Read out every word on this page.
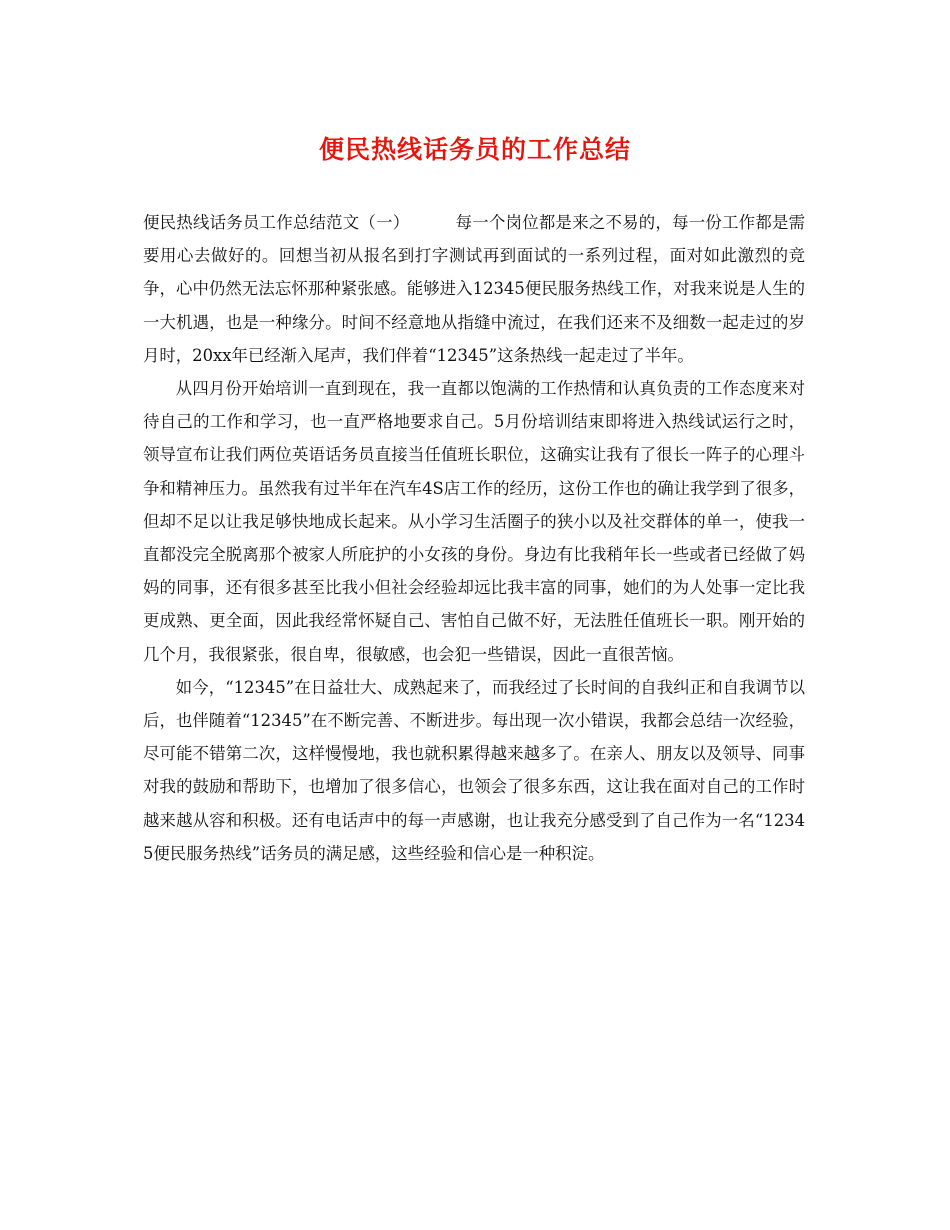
便民热线话务员的工作总结

便民热线话务员工作总结范文（一）	每一个岗位都是来之不易的，每一份工作都是需要用心去做好的。回想当初从报名到打字测试再到面试的一系列过程，面对如此激烈的竞争，心中仍然无法忘怀那种紧张感。能够进入12345便民服务热线工作，对我来说是人生的一大机遇，也是一种缘分。时间不经意地从指缝中流过，在我们还来不及细数一起走过的岁月时，20xx年已经渐入尾声，我们伴着“12345”这条热线一起走过了半年。

从四月份开始培训一直到现在，我一直都以饱满的工作热情和认真负责的工作态度来对待自己的工作和学习，也一直严格地要求自己。5月份培训结束即将进入热线试运行之时，领导宣布让我们两位英语话务员直接当任值班长职位，这确实让我有了很长一阵子的心理斗争和精神压力。虽然我有过半年在汽车4S店工作的经历，这份工作也的确让我学到了很多，但却不足以让我足够快地成长起来。从小学习生活圈子的狭小以及社交群体的单一，使我一直都没完全脱离那个被家人所庇护的小女孩的身份。身边有比我稍年长一些或者已经做了妈妈的同事，还有很多甚至比我小但社会经验却远比我丰富的同事，她们的为人处事一定比我更成熟、更全面，因此我经常怀疑自己、害怕自己做不好，无法胜任值班长一职。刚开始的几个月，我很紧张，很自卑，很敏感，也会犯一些错误，因此一直很苦恼。

如今，“12345”在日益壮大、成熟起来了，而我经过了长时间的自我纠正和自我调节以后，也伴随着“12345”在不断完善、不断进步。每出现一次小错误，我都会总结一次经验，尽可能不错第二次，这样慢慢地，我也就积累得越来越多了。在亲人、朋友以及领导、同事对我的鼓励和帮助下，也增加了很多信心，也领会了很多东西，这让我在面对自己的工作时越来越从容和积极。还有电话声中的每一声感谢，也让我充分感受到了自己作为一名“12345便民服务热线”话务员的满足感，这些经验和信心是一种积淀。
